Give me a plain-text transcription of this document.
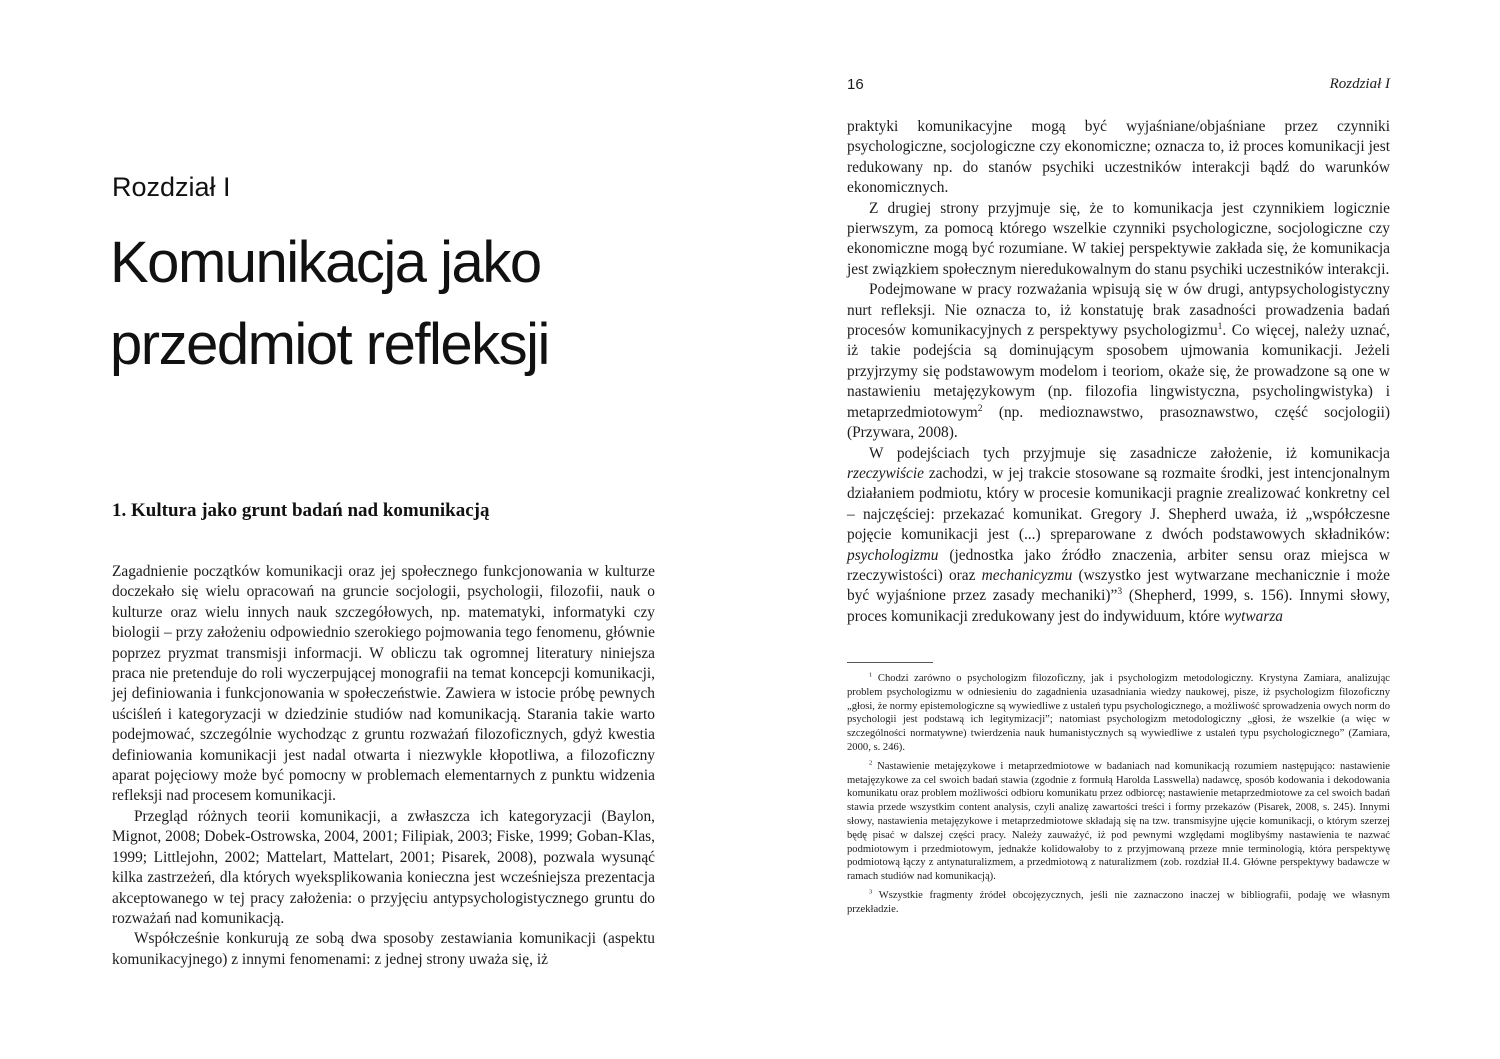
Rozdział I
Komunikacja jako
przedmiot refleksji
1. Kultura jako grunt badań nad komunikacją

Zagadnienie początków komunikacji oraz jej społecznego funkcjonowania w kulturze doczekało się wielu opracowań na gruncie socjologii, psychologii, filozofii, nauk o kulturze oraz wielu innych nauk szczegółowych, np. matematyki, informatyki czy biologii – przy założeniu odpowiednio szerokiego pojmowania tego fenomenu, głównie poprzez pryzmat transmisji informacji. W obliczu tak ogromnej literatury niniejsza praca nie pretenduje do roli wyczerpującej monografii na temat koncepcji komunikacji, jej definiowania i funkcjonowania w społeczeństwie. Zawiera w istocie próbę pewnych uściśleń i kategoryzacji w dziedzinie studiów nad komunikacją. Starania takie warto podejmować, szczególnie wychodząc z gruntu rozważań filozoficznych, gdyż kwestia definiowania komunikacji jest nadal otwarta i niezwykle kłopotliwa, a filozoficzny aparat pojęciowy może być pomocny w problemach elementarnych z punktu widzenia refleksji nad procesem komunikacji.

Przegląd różnych teorii komunikacji, a zwłaszcza ich kategoryzacji (Baylon, Mignot, 2008; Dobek-Ostrowska, 2004, 2001; Filipiak, 2003; Fiske, 1999; Goban-Klas, 1999; Littlejohn, 2002; Mattelart, Mattelart, 2001; Pisarek, 2008), pozwala wysunąć kilka zastrzeżeń, dla których wyeksplikowania konieczna jest wcześniejsza prezentacja akceptowanego w tej pracy założenia: o przyjęciu antypsychologistycznego gruntu do rozważań nad komunikacją.

Współcześnie konkurują ze sobą dwa sposoby zestawiania komunikacji (aspektu komunikacyjnego) z innymi fenomenami: z jednej strony uważa się, iż

16	Rozdział I

praktyki komunikacyjne mogą być wyjaśniane/objaśniane przez czynniki psychologiczne, socjologiczne czy ekonomiczne; oznacza to, iż proces komunikacji jest redukowany np. do stanów psychiki uczestników interakcji bądź do warunków ekonomicznych.

Z drugiej strony przyjmuje się, że to komunikacja jest czynnikiem logicznie pierwszym, za pomocą którego wszelkie czynniki psychologiczne, socjologiczne czy ekonomiczne mogą być rozumiane. W takiej perspektywie zakłada się, że komunikacja jest związkiem społecznym nieredukowalnym do stanu psychiki uczestników interakcji.

Podejmowane w pracy rozważania wpisują się w ów drugi, antypsychologistyczny nurt refleksji. Nie oznacza to, iż konstatuję brak zasadności prowadzenia badań procesów komunikacyjnych z perspektywy psychologizmu$^1$. Co więcej, należy uznać, iż takie podejścia są dominującym sposobem ujmowania komunikacji. Jeżeli przyjrzymy się podstawowym modelom i teoriom, okaże się, że prowadzone są one w nastawieniu metajęzykowym (np. filozofia lingwistyczna, psycholingwistyka) i metaprzedmiotowym$^2$ (np. medioznawstwo, prasoznawstwo, część socjologii) (Przywara, 2008).

W podejściach tych przyjmuje się zasadnicze założenie, iż komunikacja rzeczywiście zachodzi, w jej trakcie stosowane są rozmaite środki, jest intencjonalnym działaniem podmiotu, który w procesie komunikacji pragnie zrealizować konkretny cel – najczęściej: przekazać komunikat. Gregory J. Shepherd uważa, iż „współczesne pojęcie komunikacji jest (...) spreparowane z dwóch podstawowych składników: psychologizmu (jednostka jako źródło znaczenia, arbiter sensu oraz miejsca w rzeczywistości) oraz mechanicyzmu (wszystko jest wytwarzane mechanicznie i może być wyjaśnione przez zasady mechaniki)”$^3$ (Shepherd, 1999, s. 156). Innymi słowy, proces komunikacji zredukowany jest do indywiduum, które wytwarza

$^1$ Chodzi zarówno o psychologizm filozoficzny, jak i psychologizm metodologiczny. Krystyna Zamiara, analizując problem psychologizmu w odniesieniu do zagadnienia uzasadniania wiedzy naukowej, pisze, iż psychologizm filozoficzny „głosi, że normy epistemologiczne są wywiedliwe z ustaleń typu psychologicznego, a możliwość sprowadzenia owych norm do psychologii jest podstawą ich legitymizacji”; natomiast psychologizm metodologiczny „głosi, że wszelkie (a więc w szczególności normatywne) twierdzenia nauk humanistycznych są wywiedliwe z ustaleń typu psychologicznego” (Zamiara, 2000, s. 246).

$^2$ Nastawienie metajęzykowe i metaprzedmiotowe w badaniach nad komunikacją rozumiem następująco: nastawienie metajęzykowe za cel swoich badań stawia (zgodnie z formułą Harolda Lasswella) nadawcę, sposób kodowania i dekodowania komunikatu oraz problem możliwości odbioru komunikatu przez odbiorcę; nastawienie metaprzedmiotowe za cel swoich badań stawia przede wszystkim content analysis, czyli analizę zawartości treści i formy przekazów (Pisarek, 2008, s. 245). Innymi słowy, nastawienia metajęzykowe i metaprzedmiotowe składają się na tzw. transmisyjne ujęcie komunikacji, o którym szerzej będę pisać w dalszej części pracy. Należy zauważyć, iż pod pewnymi względami moglibyśmy nastawienia te nazwać podmiotowym i przedmiotowym, jednakże kolidowałoby to z przyjmowaną przeze mnie terminologią, która perspektywę podmiotową łączy z antynaturalizmem, a przedmiotową z naturalizmem (zob. rozdział II.4. Główne perspektywy badawcze w ramach studiów nad komunikacją).

$^3$ Wszystkie fragmenty źródeł obcojęzycznych, jeśli nie zaznaczono inaczej w bibliografii, podaję we własnym przekładzie.
